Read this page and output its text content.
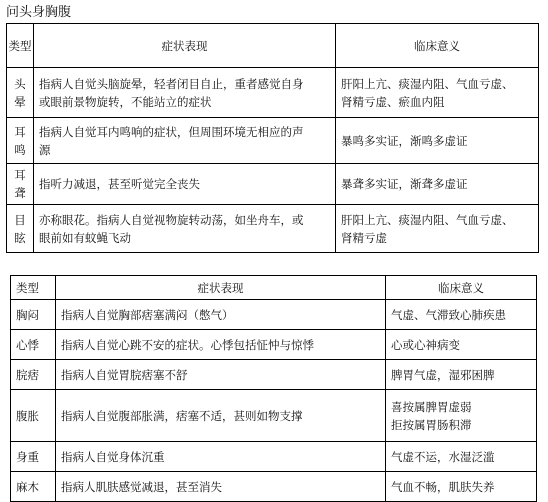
问头身胸腹
类型	症状表现	临床意义

头
晕	指病人自觉头脑旋晕，轻者闭目自止，重者感觉自身
或眼前景物旋转，不能站立的症状	肝阳上亢、痰湿内阻、气血亏虚、
肾精亏虚、瘀血内阻

耳
鸣	指病人自觉耳内鸣响的症状，但周围环境无相应的声
源	暴鸣多实证，渐鸣多虚证

耳
聋	指听力减退，甚至听觉完全丧失	暴聋多实证，渐聋多虚证

目
眩	亦称眼花。指病人自觉视物旋转动荡，如坐舟车，或
眼前如有蚊蝇飞动	肝阳上亢、痰湿内阻、气血亏虚、
肾精亏虚
类型	症状表现	临床意义
胸闷	指病人自觉胸部痞塞满闷（憋气）	气虚、气滞致心肺疾患

心悸	指病人自觉心跳不安的症状。心悸包括怔忡与惊悸	心或心神病变

脘痞	指病人自觉胃脘痞塞不舒	脾胃气虚，湿邪困脾

腹胀	指病人自觉腹部胀满，痞塞不适，甚则如物支撑	喜按属脾胃虚弱
拒按属胃肠积滞

身重	指病人自觉身体沉重	气虚不运，水湿泛滥

麻木	指病人肌肤感觉减退，甚至消失	气血不畅，肌肤失养
